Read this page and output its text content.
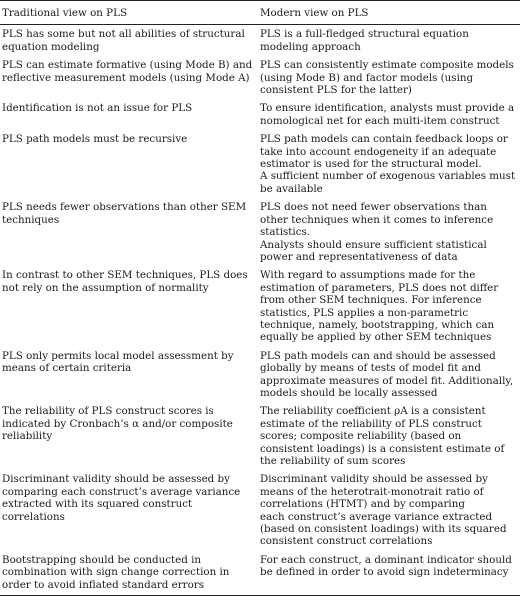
Traditional view on PLS	Modern view on PLS

PLS has some but not all abilities of structural equation modeling	PLS is a full-fledged structural equation modeling approach

PLS can estimate formative (using Mode B) and reflective measurement models (using Mode A)	PLS can consistently estimate composite models (using Mode B) and factor models (using consistent PLS for the latter)

Identification is not an issue for PLS	To ensure identification, analysts must provide a nomological net for each multi-item construct

PLS path models must be recursive	PLS path models can contain feedback loops or take into account endogeneity if an adequate estimator is used for the structural model.
A sufficient number of exogenous variables must be available

PLS needs fewer observations than other SEM techniques	PLS does not need fewer observations than other techniques when it comes to inference statistics.
Analysts should ensure sufficient statistical power and representativeness of data

In contrast to other SEM techniques, PLS does not rely on the assumption of normality	With regard to assumptions made for the estimation of parameters, PLS does not differ from other SEM techniques. For inference statistics, PLS applies a non-parametric technique, namely, bootstrapping, which can equally be applied by other SEM techniques

PLS only permits local model assessment by means of certain criteria	PLS path models can and should be assessed globally by means of tests of model fit and approximate measures of model fit. Additionally, models should be locally assessed

The reliability of PLS construct scores is indicated by Cronbach’s α and/or composite reliability	The reliability coefficient ρA is a consistent estimate of the reliability of PLS construct scores; composite reliability (based on consistent loadings) is a consistent estimate of the reliability of sum scores

Discriminant validity should be assessed by comparing each construct’s average variance extracted with its squared construct correlations	Discriminant validity should be assessed by means of the heterotrait-monotrait ratio of correlations (HTMT) and by comparing
each construct’s average variance extracted (based on consistent loadings) with its squared consistent construct correlations

Bootstrapping should be conducted in combination with sign change correction in order to avoid inflated standard errors	For each construct, a dominant indicator should be defined in order to avoid sign indeterminacy
